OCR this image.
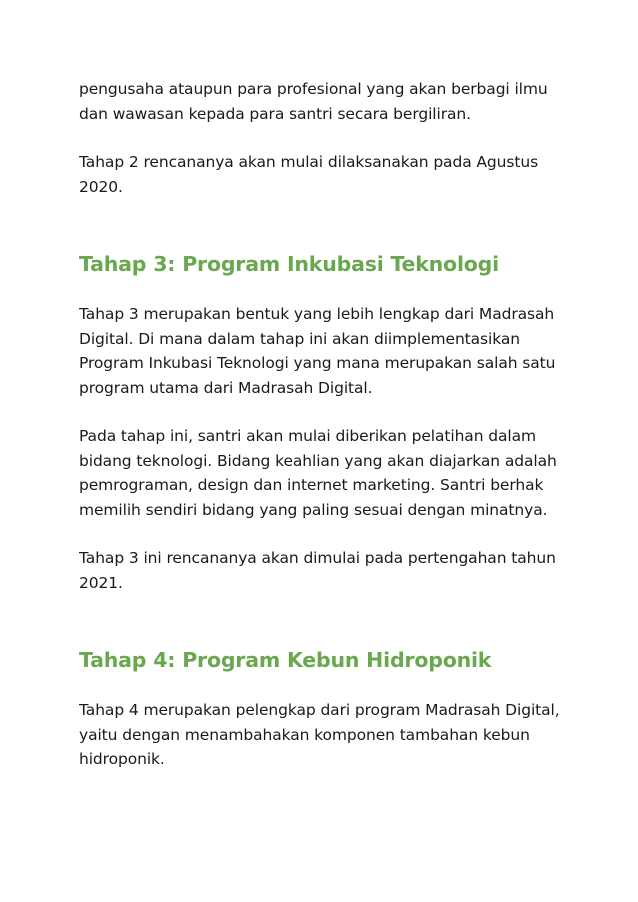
pengusaha ataupun para profesional yang akan berbagi ilmu dan wawasan kepada para santri secara bergiliran.

Tahap 2 rencananya akan mulai dilaksanakan pada Agustus 2020.

Tahap 3: Program Inkubasi Teknologi

Tahap 3 merupakan bentuk yang lebih lengkap dari Madrasah Digital. Di mana dalam tahap ini akan diimplementasikan Program Inkubasi Teknologi yang mana merupakan salah satu program utama dari Madrasah Digital.

Pada tahap ini, santri akan mulai diberikan pelatihan dalam bidang teknologi. Bidang keahlian yang akan diajarkan adalah pemrograman, design dan internet marketing. Santri berhak memilih sendiri bidang yang paling sesuai dengan minatnya.

Tahap 3 ini rencananya akan dimulai pada pertengahan tahun 2021.

Tahap 4: Program Kebun Hidroponik

Tahap 4 merupakan pelengkap dari program Madrasah Digital, yaitu dengan menambahakan komponen tambahan kebun hidroponik.
